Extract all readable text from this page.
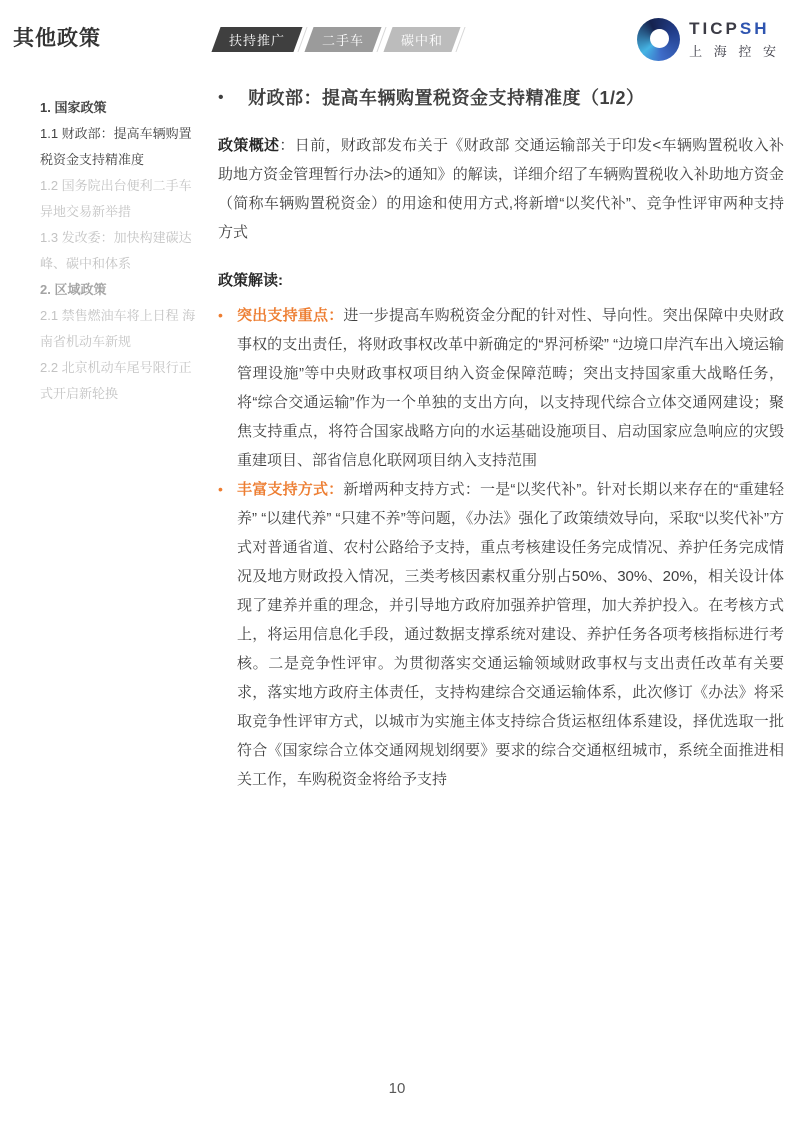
其他政策	扶持推广	二手车	碳中和
TICPSH
上 海 控 安
1. 国家政策
1.1 财政部：提高车辆购置税资金支持精准度
1.2 国务院出台便利二手车异地交易新举措
1.3 发改委：加快构建碳达峰、碳中和体系
2. 区域政策
2.1 禁售燃油车将上日程 海南省机动车新规
2.2 北京机动车尾号限行正式开启新轮换
•	财政部：提高车辆购置税资金支持精准度（1/2）

政策概述：日前，财政部发布关于《财政部 交通运输部关于印发<车辆购置税收入补助地方资金管理暂行办法>的通知》的解读，详细介绍了车辆购置税收入补助地方资金（简称车辆购置税资金）的用途和使用方式,将新增“以奖代补”、竞争性评审两种支持方式

政策解读:

• 突出支持重点：进一步提高车购税资金分配的针对性、导向性。突出保障中央财政事权的支出责任，将财政事权改革中新确定的“界河桥梁” “边境口岸汽车出入境运输管理设施”等中央财政事权项目纳入资金保障范畴；突出支持国家重大战略任务，将“综合交通运输”作为一个单独的支出方向，以支持现代综合立体交通网建设；聚焦支持重点，将符合国家战略方向的水运基础设施项目、启动国家应急响应的灾毁重建项目、部省信息化联网项目纳入支持范围
• 丰富支持方式：新增两种支持方式：一是“以奖代补”。针对长期以来存在的“重建轻养” “以建代养” “只建不养”等问题，《办法》强化了政策绩效导向，采取“以奖代补”方式对普通省道、农村公路给予支持，重点考核建设任务完成情况、养护任务完成情况及地方财政投入情况，三类考核因素权重分别占50%、30%、20%，相关设计体现了建养并重的理念，并引导地方政府加强养护管理，加大养护投入。在考核方式上，将运用信息化手段，通过数据支撑系统对建设、养护任务各项考核指标进行考核。二是竞争性评审。为贯彻落实交通运输领域财政事权与支出责任改革有关要求，落实地方政府主体责任，支持构建综合交通运输体系，此次修订《办法》将采取竞争性评审方式，以城市为实施主体支持综合货运枢纽体系建设，择优选取一批符合《国家综合立体交通网规划纲要》要求的综合交通枢纽城市，系统全面推进相关工作，车购税资金将给予支持
10
